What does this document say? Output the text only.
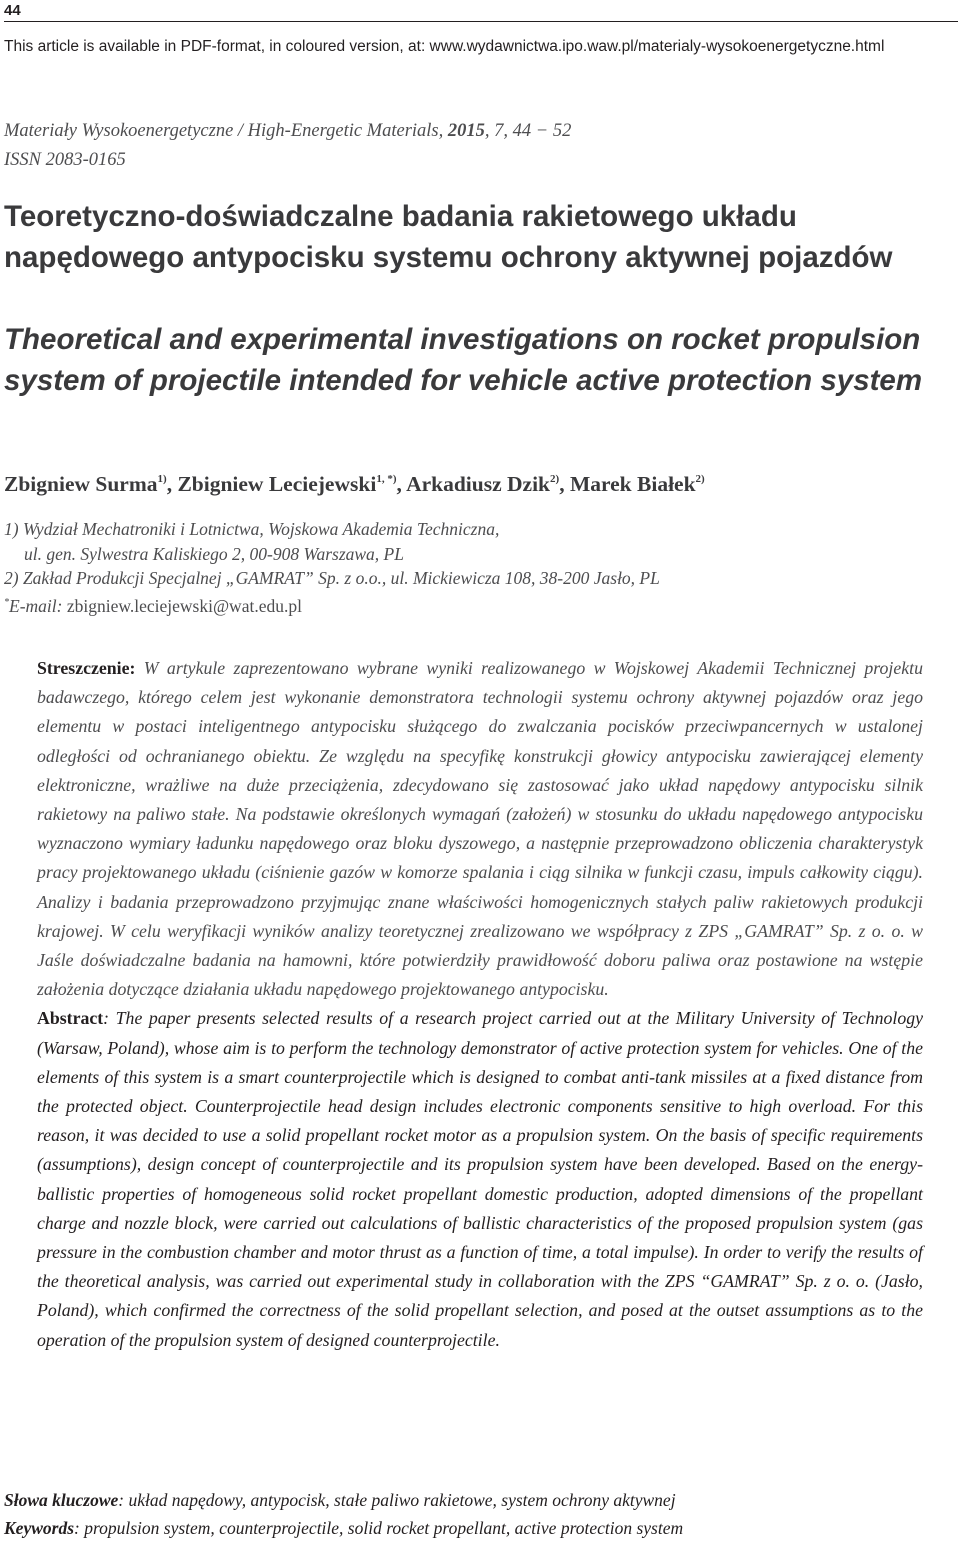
44
This article is available in PDF-format, in coloured version, at: www.wydawnictwa.ipo.waw.pl/materialy-wysokoenergetyczne.html
Materiały Wysokoenergetyczne / High-Energetic Materials, 2015, 7, 44 − 52
ISSN 2083-0165
Teoretyczno-doświadczalne badania rakietowego układu napędowego antypocisku systemu ochrony aktywnej pojazdów
Theoretical and experimental investigations on rocket propulsion system of projectile intended for vehicle active protection system
Zbigniew Surma$^{1)}$, Zbigniew Leciejewski$^{1, *)}$, Arkadiusz Dzik$^{2)}$, Marek Białek$^{2)}$
1) Wydział Mechatroniki i Lotnictwa, Wojskowa Akademia Techniczna,
ul. gen. Sylwestra Kaliskiego 2, 00-908 Warszawa, PL
2) Zakład Produkcji Specjalnej „GAMRAT” Sp. z o.o., ul. Mickiewicza 108, 38-200 Jasło, PL
*E-mail: zbigniew.leciejewski@wat.edu.pl

Streszczenie: W artykule zaprezentowano wybrane wyniki realizowanego w Wojskowej Akademii Technicznej projektu badawczego, którego celem jest wykonanie demonstratora technologii systemu ochrony aktywnej pojazdów oraz jego elementu w postaci inteligentnego antypocisku służącego do zwalczania pocisków przeciwpancernych w ustalonej odległości od ochranianego obiektu. Ze względu na specyfikę konstrukcji głowicy antypocisku zawierającej elementy elektroniczne, wrażliwe na duże przeciążenia, zdecydowano się zastosować jako układ napędowy antypocisku silnik rakietowy na paliwo stałe. Na podstawie określonych wymagań (założeń) w stosunku do układu napędowego antypocisku wyznaczono wymiary ładunku napędowego oraz bloku dyszowego, a następnie przeprowadzono obliczenia charakterystyk pracy projektowanego układu (ciśnienie gazów w komorze spalania i ciąg silnika w funkcji czasu, impuls całkowity ciągu). Analizy i badania przeprowadzono przyjmując znane właściwości homogenicznych stałych paliw rakietowych produkcji krajowej. W celu weryfikacji wyników analizy teoretycznej zrealizowano we współpracy z ZPS „GAMRAT” Sp. z o. o. w Jaśle doświadczalne badania na hamowni, które potwierdziły prawidłowość doboru paliwa oraz postawione na wstępie założenia dotyczące działania układu napędowego projektowanego antypocisku.

Abstract: The paper presents selected results of a research project carried out at the Military University of Technology (Warsaw, Poland), whose aim is to perform the technology demonstrator of active protection system for vehicles. One of the elements of this system is a smart counterprojectile which is designed to combat anti-tank missiles at a fixed distance from the protected object. Counterprojectile head design includes electronic components sensitive to high overload. For this reason, it was decided to use a solid propellant rocket motor as a propulsion system. On the basis of specific requirements (assumptions), design concept of counterprojectile and its propulsion system have been developed. Based on the energy-ballistic properties of homogeneous solid rocket propellant domestic production, adopted dimensions of the propellant charge and nozzle block, were carried out calculations of ballistic characteristics of the proposed propulsion system (gas pressure in the combustion chamber and motor thrust as a function of time, a total impulse). In order to verify the results of the theoretical analysis, was carried out experimental study in collaboration with the ZPS “GAMRAT” Sp. z o. o. (Jasło, Poland), which confirmed the correctness of the solid propellant selection, and posed at the outset assumptions as to the operation of the propulsion system of designed counterprojectile.

Słowa kluczowe: układ napędowy, antypocisk, stałe paliwo rakietowe, system ochrony aktywnej
Keywords: propulsion system, counterprojectile, solid rocket propellant, active protection system
